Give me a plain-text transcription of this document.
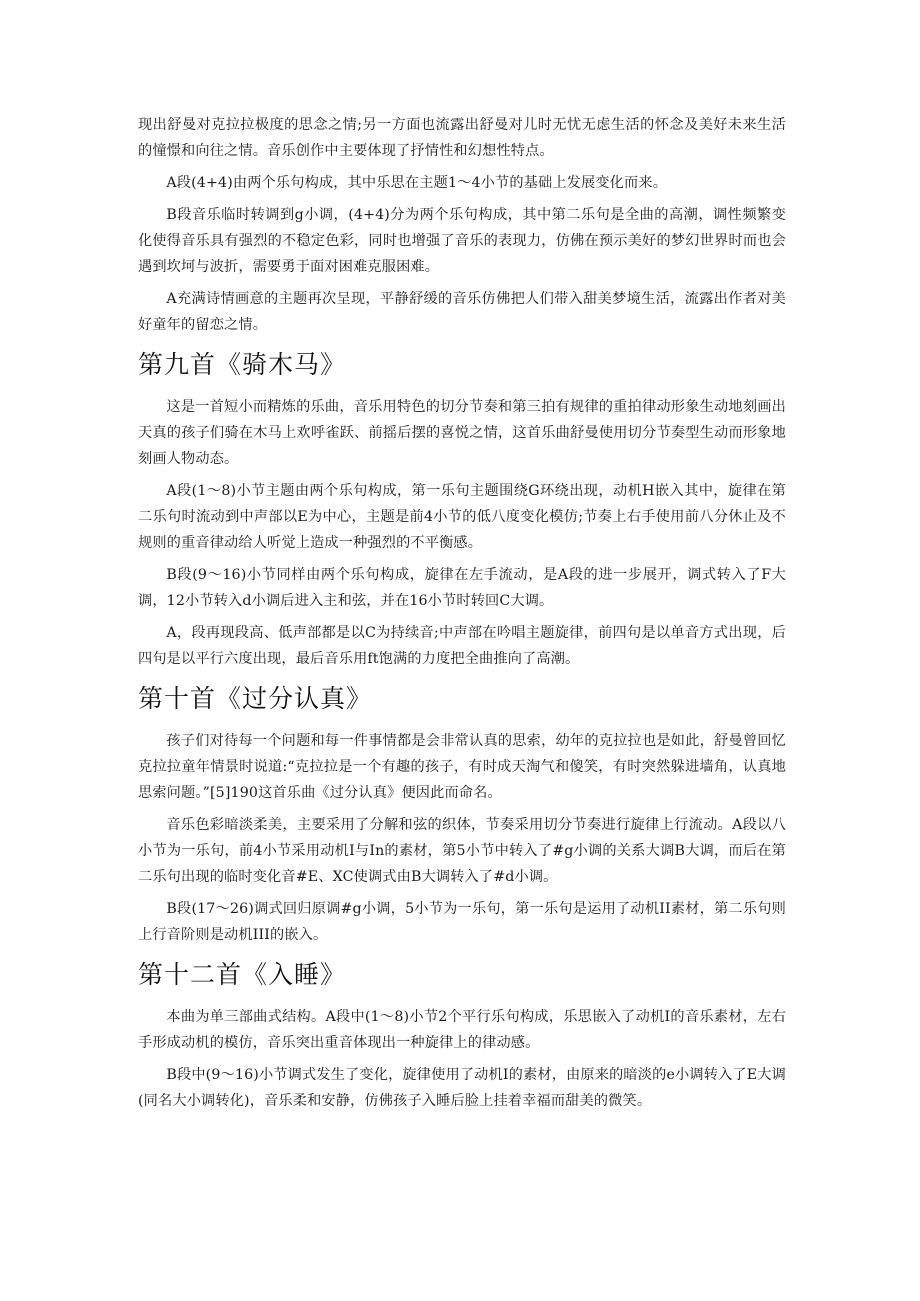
现出舒曼对克拉拉极度的思念之情;另一方面也流露出舒曼对儿时无忧无虑生活的怀念及美好未来生活的憧憬和向往之情。音乐创作中主要体现了抒情性和幻想性特点。

A段(4+4)由两个乐句构成，其中乐思在主题1～4小节的基础上发展变化而来。

B段音乐临时转调到g小调，(4+4)分为两个乐句构成，其中第二乐句是全曲的高潮，调性频繁变化使得音乐具有强烈的不稳定色彩，同时也增强了音乐的表现力，仿佛在预示美好的梦幻世界时而也会遇到坎坷与波折，需要勇于面对困难克服困难。

A充满诗情画意的主题再次呈现，平静舒缓的音乐仿佛把人们带入甜美梦境生活，流露出作者对美好童年的留恋之情。

第九首《骑木马》

这是一首短小而精炼的乐曲，音乐用特色的切分节奏和第三拍有规律的重拍律动形象生动地刻画出天真的孩子们骑在木马上欢呼雀跃、前摇后摆的喜悦之情，这首乐曲舒曼使用切分节奏型生动而形象地刻画人物动态。

A段(1～8)小节主题由两个乐句构成，第一乐句主题围绕G环绕出现，动机H嵌入其中，旋律在第二乐句时流动到中声部以E为中心，主题是前4小节的低八度变化模仿;节奏上右手使用前八分休止及不规则的重音律动给人听觉上造成一种强烈的不平衡感。

B段(9～16)小节同样由两个乐句构成，旋律在左手流动，是A段的进一步展开，调式转入了F大调，12小节转入d小调后进入主和弦，并在16小节时转回C大调。

A，段再现段高、低声部都是以C为持续音;中声部在吟唱主题旋律，前四句是以单音方式出现，后四句是以平行六度出现，最后音乐用ft饱满的力度把全曲推向了高潮。

第十首《过分认真》

孩子们对待每一个问题和每一件事情都是会非常认真的思索，幼年的克拉拉也是如此，舒曼曾回忆克拉拉童年情景时说道:“克拉拉是一个有趣的孩子，有时成天淘气和傻笑，有时突然躲进墙角，认真地思索问题。”[5]190这首乐曲《过分认真》便因此而命名。

音乐色彩暗淡柔美，主要采用了分解和弦的织体，节奏采用切分节奏进行旋律上行流动。A段以八小节为一乐句，前4小节采用动机I与In的素材，第5小节中转入了#g小调的关系大调B大调，而后在第二乐句出现的临时变化音#E、XC使调式由B大调转入了#d小调。

B段(17～26)调式回归原调#g小调，5小节为一乐句，第一乐句是运用了动机II素材，第二乐句则上行音阶则是动机III的嵌入。

第十二首《入睡》

本曲为单三部曲式结构。A段中(1～8)小节2个平行乐句构成，乐思嵌入了动机I的音乐素材，左右手形成动机的模仿，音乐突出重音体现出一种旋律上的律动感。

B段中(9～16)小节调式发生了变化，旋律使用了动机I的素材，由原来的暗淡的e小调转入了E大调(同名大小调转化)，音乐柔和安静，仿佛孩子入睡后脸上挂着幸福而甜美的微笑。
